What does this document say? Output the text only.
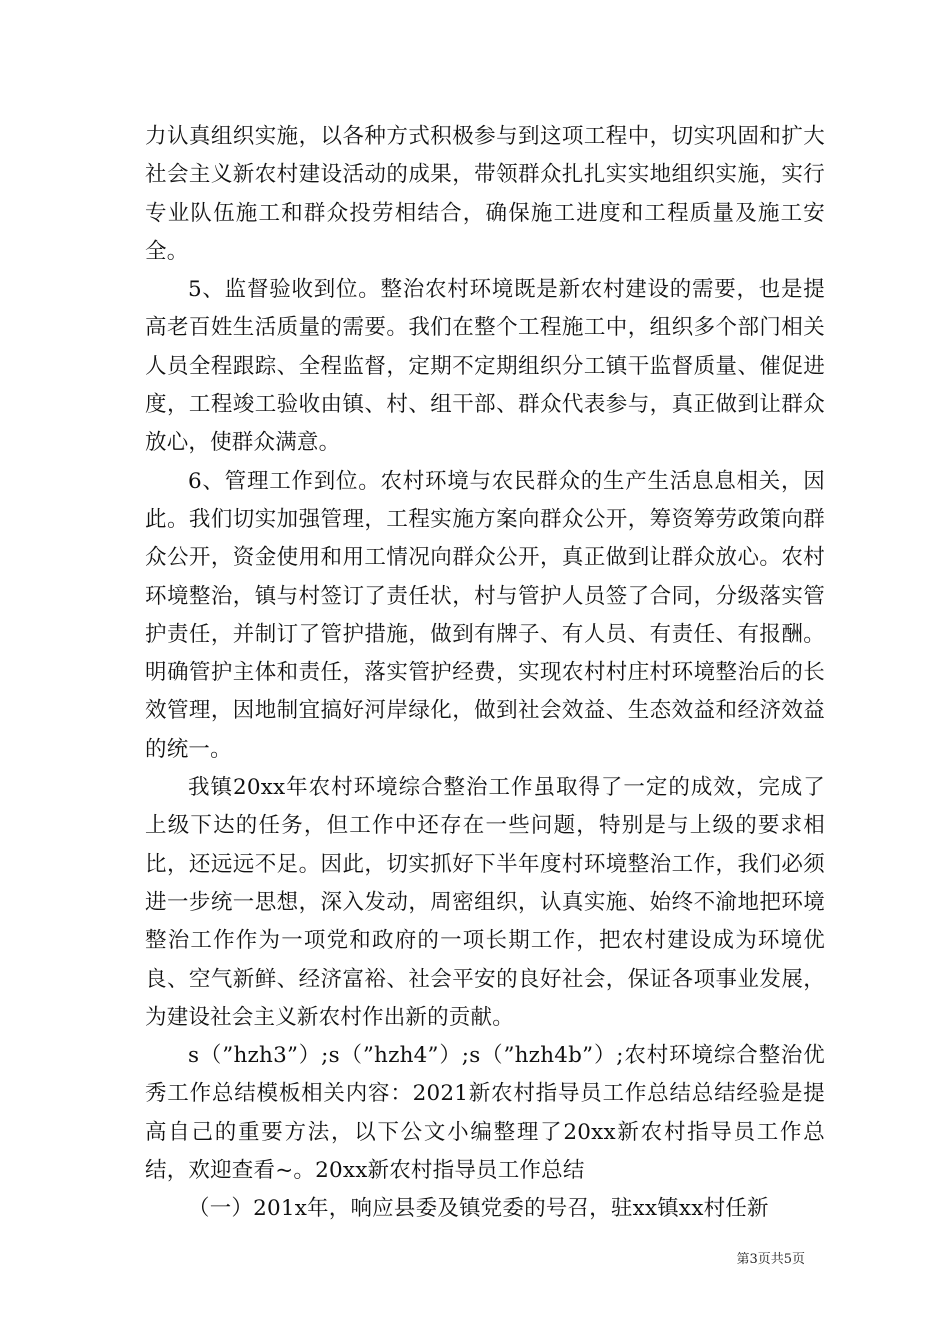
力认真组织实施，以各种方式积极参与到这项工程中，切实巩固和扩大社会主义新农村建设活动的成果，带领群众扎扎实实地组织实施，实行专业队伍施工和群众投劳相结合，确保施工进度和工程质量及施工安全。

5、监督验收到位。整治农村环境既是新农村建设的需要，也是提高老百姓生活质量的需要。我们在整个工程施工中，组织多个部门相关人员全程跟踪、全程监督，定期不定期组织分工镇干监督质量、催促进度，工程竣工验收由镇、村、组干部、群众代表参与，真正做到让群众放心，使群众满意。

6、管理工作到位。农村环境与农民群众的生产生活息息相关，因此。我们切实加强管理，工程实施方案向群众公开，筹资筹劳政策向群众公开，资金使用和用工情况向群众公开，真正做到让群众放心。农村环境整治，镇与村签订了责任状，村与管护人员签了合同，分级落实管护责任，并制订了管护措施，做到有牌子、有人员、有责任、有报酬。明确管护主体和责任，落实管护经费，实现农村村庄村环境整治后的长效管理，因地制宜搞好河岸绿化，做到社会效益、生态效益和经济效益的统一。

我镇20xx年农村环境综合整治工作虽取得了一定的成效，完成了上级下达的任务，但工作中还存在一些问题，特别是与上级的要求相比，还远远不足。因此，切实抓好下半年度村环境整治工作，我们必须进一步统一思想，深入发动，周密组织，认真实施、始终不渝地把环境整治工作作为一项党和政府的一项长期工作，把农村建设成为环境优良、空气新鲜、经济富裕、社会平安的良好社会，保证各项事业发展，为建设社会主义新农村作出新的贡献。

s（”hzh3”）;s（”hzh4”）;s（”hzh4b”）;农村环境综合整治优秀工作总结模板相关内容：2021新农村指导员工作总结总结经验是提高自己的重要方法，以下公文小编整理了20xx新农村指导员工作总结，欢迎查看~。20xx新农村指导员工作总结

（一）201x年，响应县委及镇党委的号召，驻xx镇xx村任新

第3页共5页
